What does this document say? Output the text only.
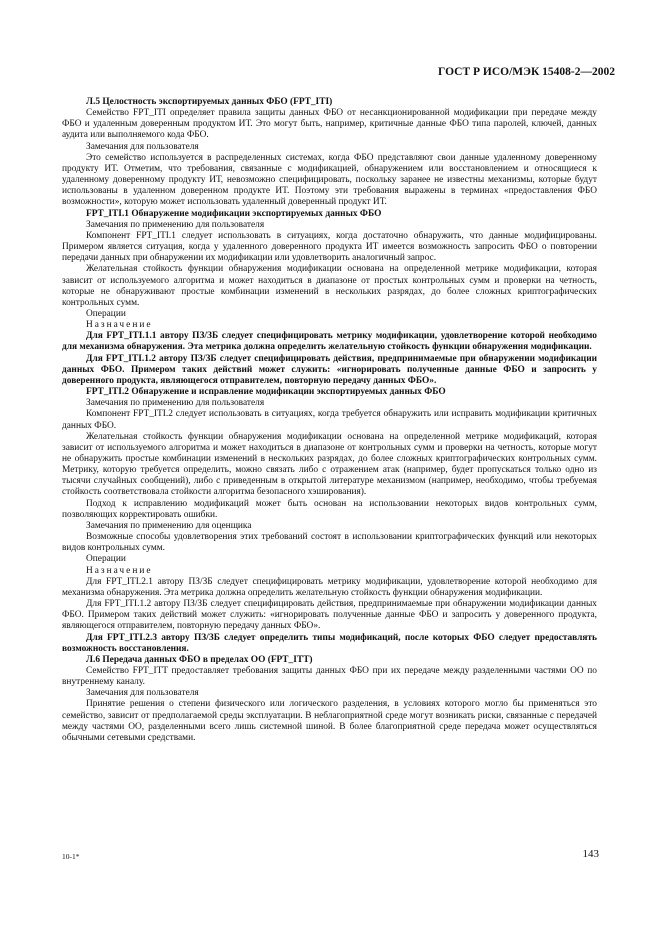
ГОСТ Р ИСО/МЭК 15408-2—2002

Л.5 Целостность экспортируемых данных ФБО (FPT_ITI)

Семейство FPT_ITI определяет правила защиты данных ФБО от несанкционированной модификации при передаче между ФБО и удаленным доверенным продуктом ИТ. Это могут быть, например, критичные данные ФБО типа паролей, ключей, данных аудита или выполняемого кода ФБО.

Замечания для пользователя

Это семейство используется в распределенных системах, когда ФБО представляют свои данные удаленному доверенному продукту ИТ. Отметим, что требования, связанные с модификацией, обнаружением или восстановлением и относящиеся к удаленному доверенному продукту ИТ, невозможно специфицировать, поскольку заранее не известны механизмы, которые будут использованы в удаленном доверенном продукте ИТ. Поэтому эти требования выражены в терминах «предоставления ФБО возможности», которую может использовать удаленный доверенный продукт ИТ.

FPT_ITI.1 Обнаружение модификации экспортируемых данных ФБО

Замечания по применению для пользователя

Компонент FPT_ITI.1 следует использовать в ситуациях, когда достаточно обнаружить, что данные модифицированы. Примером является ситуация, когда у удаленного доверенного продукта ИТ имеется возможность запросить ФБО о повторении передачи данных при обнаружении их модификации или удовлетворить аналогичный запрос.

Желательная стойкость функции обнаружения модификации основана на определенной метрике модификации, которая зависит от используемого алгоритма и может находиться в диапазоне от простых контрольных сумм и проверки на четность, которые не обнаруживают простые комбинации изменений в нескольких разрядах, до более сложных криптографических контрольных сумм.

Операции

Назначение

Для FPT_ITI.1.1 автору ПЗ/ЗБ следует специфицировать метрику модификации, удовлетворение которой необходимо для механизма обнаружения. Эта метрика должна определить желательную стойкость функции обнаружения модификации.

Для FPT_ITI.1.2 автору ПЗ/ЗБ следует специфицировать действия, предпринимаемые при обнаружении модификации данных ФБО. Примером таких действий может служить: «игнорировать полученные данные ФБО и запросить у доверенного продукта, являющегося отправителем, повторную передачу данных ФБО».

FPT_ITI.2 Обнаружение и исправление модификации экспортируемых данных ФБО

Замечания по применению для пользователя

Компонент FPT_ITI.2 следует использовать в ситуациях, когда требуется обнаружить или исправить модификации критичных данных ФБО.

Желательная стойкость функции обнаружения модификации основана на определенной метрике модификаций, которая зависит от используемого алгоритма и может находиться в диапазоне от контрольных сумм и проверки на четность, которые могут не обнаружить простые комбинации изменений в нескольких разрядах, до более сложных криптографических контрольных сумм. Метрику, которую требуется определить, можно связать либо с отражением атак (например, будет пропускаться только одно из тысячи случайных сообщений), либо с приведенным в открытой литературе механизмом (например, необходимо, чтобы требуемая стойкость соответствовала стойкости алгоритма безопасного хэширования).

Подход к исправлению модификаций может быть основан на использовании некоторых видов контрольных сумм, позволяющих корректировать ошибки.

Замечания по применению для оценщика

Возможные способы удовлетворения этих требований состоят в использовании криптографических функций или некоторых видов контрольных сумм.

Операции

Назначение

Для FPT_ITI.2.1 автору ПЗ/ЗБ следует специфицировать метрику модификации, удовлетворение которой необходимо для механизма обнаружения. Эта метрика должна определить желательную стойкость функции обнаружения модификации.

Для FPT_ITI.1.2 автору ПЗ/ЗБ следует специфицировать действия, предпринимаемые при обнаружении модификации данных ФБО. Примером таких действий может служить: «игнорировать полученные данные ФБО и запросить у доверенного продукта, являющегося отправителем, повторную передачу данных ФБО».

Для FPT_ITI.2.3 автору ПЗ/ЗБ следует определить типы модификаций, после которых ФБО следует предоставлять возможность восстановления.

Л.6 Передача данных ФБО в пределах ОО (FPT_ITT)

Семейство FPT_ITT предоставляет требования защиты данных ФБО при их передаче между разделенными частями ОО по внутреннему каналу.

Замечания для пользователя

Принятие решения о степени физического или логического разделения, в условиях которого могло бы применяться это семейство, зависит от предполагаемой среды эксплуатации. В неблагоприятной среде могут возникать риски, связанные с передачей между частями ОО, разделенными всего лишь системной шиной. В более благоприятной среде передача может осуществляться обычными сетевыми средствами.

10-1*	143
